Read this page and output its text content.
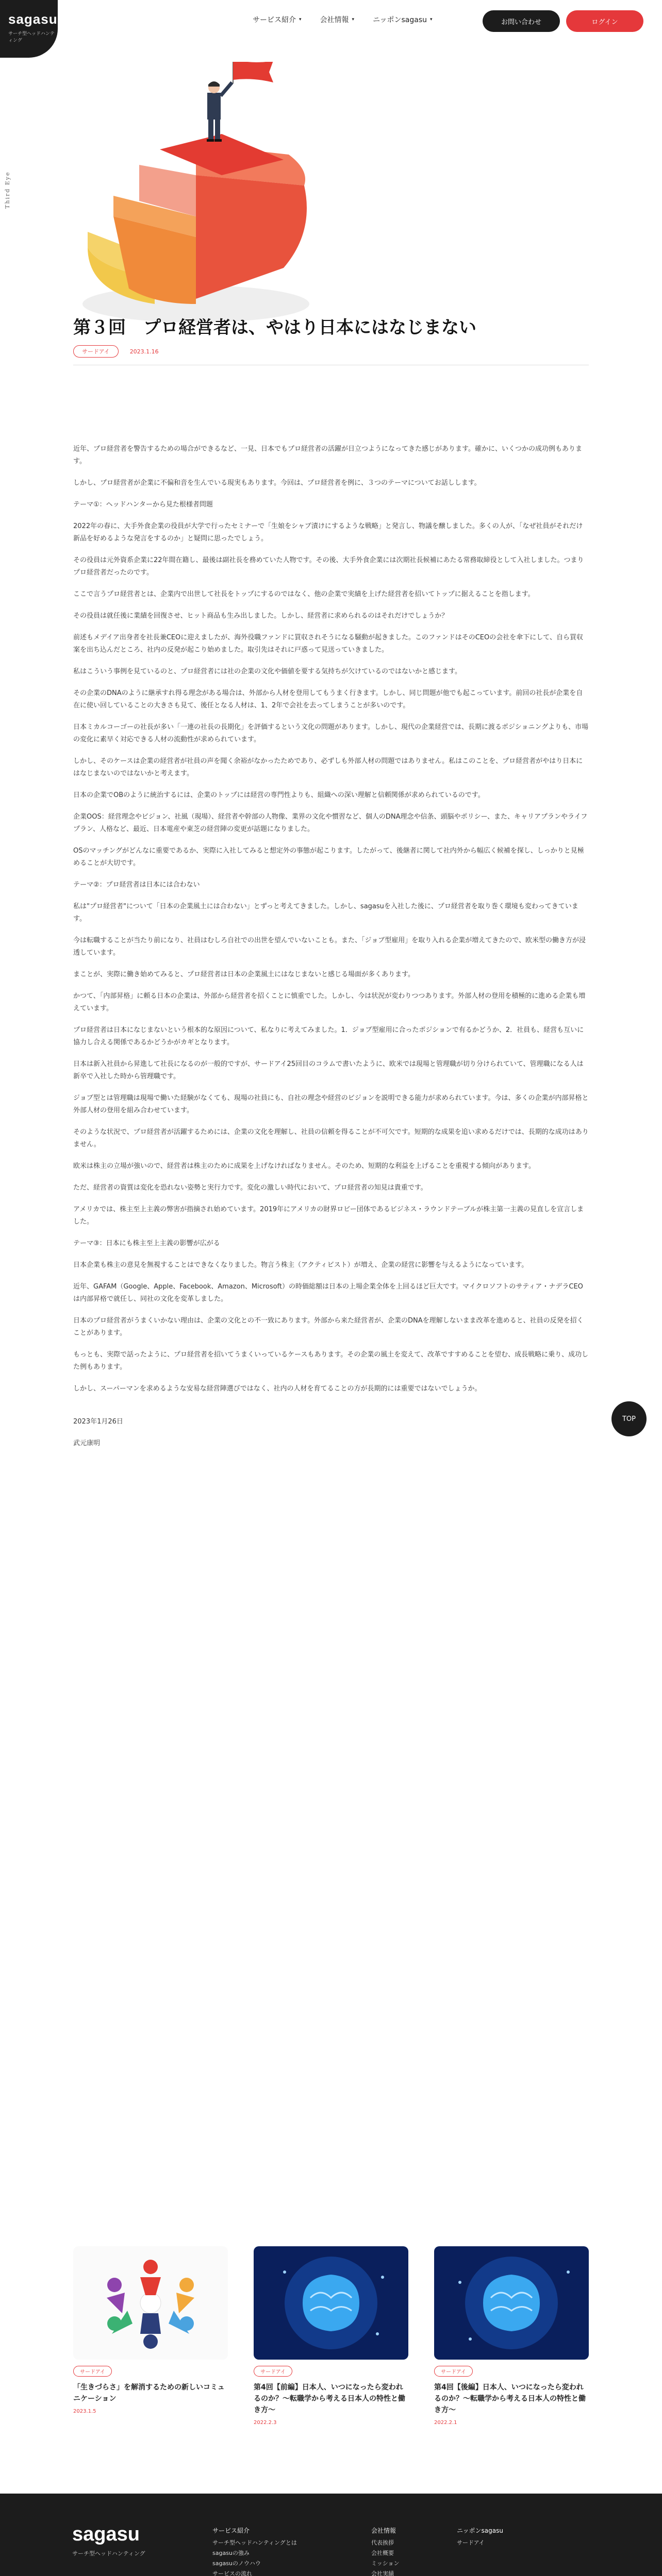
sagasu
サーチ型ヘッドハンティング
サービス紹介 ▾	会社情報 ▾	ニッポンsagasu ▾	お問い合わせ	ログイン
Third Eye
第３回　プロ経営者は、やはり日本にはなじまない
サードアイ	2023.1.16

近年、プロ経営者を警告するための場合ができるなど、一見、日本でもプロ経営者の活躍が日立つようになってきた感じがあります。確かに、いくつかの成功例もあります。

しかし、プロ経営者が企業に不偏和音を生んでいる現実もあります。今回は、プロ経営者を例に、３つのテーマについてお話しします。

テーマ①：ヘッドハンターから見た根様者問題

2022年の春に、大手外食企業の役員が大学で行ったセミナーで「生娘をシャブ漬けにするような戦略」と発言し、物議を醸しました。多くの人が、「なぜ社員がそれだけ新品を好めるような発言をするのか」と疑問に思ったでしょう。

その役員は元外資系企業に22年間在籍し、最後は副社長を務めていた人物です。その後、大手外食企業には次期社長候補にあたる常務取締役として入社しました。つまりプロ経営者だったのです。

ここで言うプロ経営者とは、企業内で出世して社長をトップにするのではなく、他の企業で実績を上げた経営者を招いてトップに据えることを指します。

その役員は就任後に業績を回復させ、ヒット商品も生み出しました。しかし、経営者に求められるのはそれだけでしょうか？

前述もメデイア出身者を社長兼CEOに迎えましたが、海外役職ファンドに買収されそうになる騒動が起きました。このファンドはそのCEOの会社を傘下にして、自ら買収案を出ち込んだところ、社内の反発が起こり始めました。取引先はそれに戸惑って見送っていきました。

私はこういう事例を見ているのと、プロ経営者には社の企業の文化や価値を要する気持ちが欠けているのではないかと感じます。

その企業のDNAのように継承すれ得る理念がある場合は、外部から人材を登用してもうまく行きます。しかし、同じ問題が他でも起こっています。前回の社長が企業を自在に使い回していることの大きさも見て、後任となる人材は、1、2年で会社を去ってしまうことが多いのです。

日本ミカルコーゴーの社長が多い「一連の社長の長期化」を評価するという文化の問題があります。しかし、現代の企業経営では、長期に渡るポジショニングよりも、市場の変化に素早く対応できる人材の流動性が求められています。

しかし、そのケースは企業の経営者が社員の声を聞く余裕がなかったためであり、必ずしも外部人材の問題ではありません。私はこのことを、プロ経営者がやはり日本にはなじまないのではないかと考えます。

日本の企業でOBのように統治するには、企業のトップには経営の専門性よりも、組織への深い理解と信頼関係が求められているのです。

企業OOS：経営理念やビジョン、社風（現場）、経営者や幹部の人物像、業界の文化や慣習など、個人のDNA理念や信条、頭脳やポリシー、また、キャリアプランやライフプラン、人格など、最近、日本電産や東芝の経営陣の変更が話題になりました。

OSのマッチングがどんなに重要であるか、実際に入社してみると想定外の事態が起こります。したがって、後継者に関して社内外から幅広く候補を探し、しっかりと見極めることが大切です。

テーマ②：プロ経営者は日本には合わない

私は"プロ経営者"について「日本の企業風土には合わない」とずっと考えてきました。しかし、sagasuを入社した後に、プロ経営者を取り巻く環境も変わってきています。

今は転職することが当たり前になり、社員はむしろ自社での出世を望んでいないことも。また、「ジョブ型雇用」を取り入れる企業が増えてきたので、欧米型の働き方が浸透しています。

まことが、実際に働き始めてみると、プロ経営者は日本の企業風土にはなじまないと感じる場面が多くあります。

かつて、「内部昇格」に頼る日本の企業は、外部から経営者を招くことに慎重でした。しかし、今は状況が変わりつつあります。外部人材の登用を積極的に進める企業も増えています。

プロ経営者は日本になじまないという根本的な原因について、私なりに考えてみました。1．ジョブ型雇用に合ったポジションで有るかどうか、2．社員も、経営も互いに協力し合える関係であるかどうかがカギとなります。

日本は新入社員から昇進して社長になるのが一般的ですが、サードアイ25回目のコラムで書いたように、欧米では現場と管理職が切り分けられていて、管理職になる人は新卒で入社した時から管理職です。

ジョブ型とは管理職は現場で働いた経験がなくても、現場の社員にも、自社の理念や経営のビジョンを説明できる能力が求められています。今は、多くの企業が内部昇格と外部人材の登用を組み合わせています。

そのような状況で、プロ経営者が活躍するためには、企業の文化を理解し、社員の信頼を得ることが不可欠です。短期的な成果を追い求めるだけでは、長期的な成功はありません。

欧米は株主の立場が強いので、経営者は株主のために成果を上げなければなりません。そのため、短期的な利益を上げることを重視する傾向があります。

ただ、経営者の資質は変化を恐れない姿勢と実行力です。変化の激しい時代において、プロ経営者の知見は貴重です。

アメリカでは、株主至上主義の弊害が指摘され始めています。2019年にアメリカの財界ロビー団体であるビジネス・ラウンドテーブルが株主第一主義の見直しを宣言しました。

テーマ③：日本にも株主至上主義の影響が広がる

日本企業も株主の意見を無視することはできなくなりました。物言う株主（アクティビスト）が増え、企業の経営に影響を与えるようになっています。

近年、GAFAM（Google、Apple、Facebook、Amazon、Microsoft）の時価総額は日本の上場企業全体を上回るほど巨大です。マイクロソフトのサティア・ナデラCEOは内部昇格で就任し、同社の文化を変革しました。

日本のプロ経営者がうまくいかない理由は、企業の文化との不一致にあります。外部から来た経営者が、企業のDNAを理解しないまま改革を進めると、社員の反発を招くことがあります。

もっとも、実際で話ったように、プロ経営者を招いてうまくいっているケースもあります。その企業の風土を変えて、改革ですすめることを望む、成長戦略に乗り、成功した例もあります。

しかし、スーパーマンを求めるような安易な経営陣選びではなく、社内の人材を育てることの方が長期的には重要ではないでしょうか。

2023年1月26日

武元康明

TOP
サードアイ
「生きづらさ」を解消するための新しいコミュニケーション
2023.1.5
サードアイ
第4回【前編】日本人、いつになったら変われるのか？〜転職学から考える日本人の特性と働き方〜
2022.2.3
サードアイ
第4回【後編】日本人、いつになったら変われるのか？〜転職学から考える日本人の特性と働き方〜
2022.2.1
sagasu
サーチ型ヘッドハンティング
サービス紹介
サーチ型ヘッドハンティングとは
sagasuの強み
sagasuのノウハウ
サービスの流れ
会社情報
代表挨拶
会社概要
ミッション
会社実績
ニッポンsagasu
サードアイ
